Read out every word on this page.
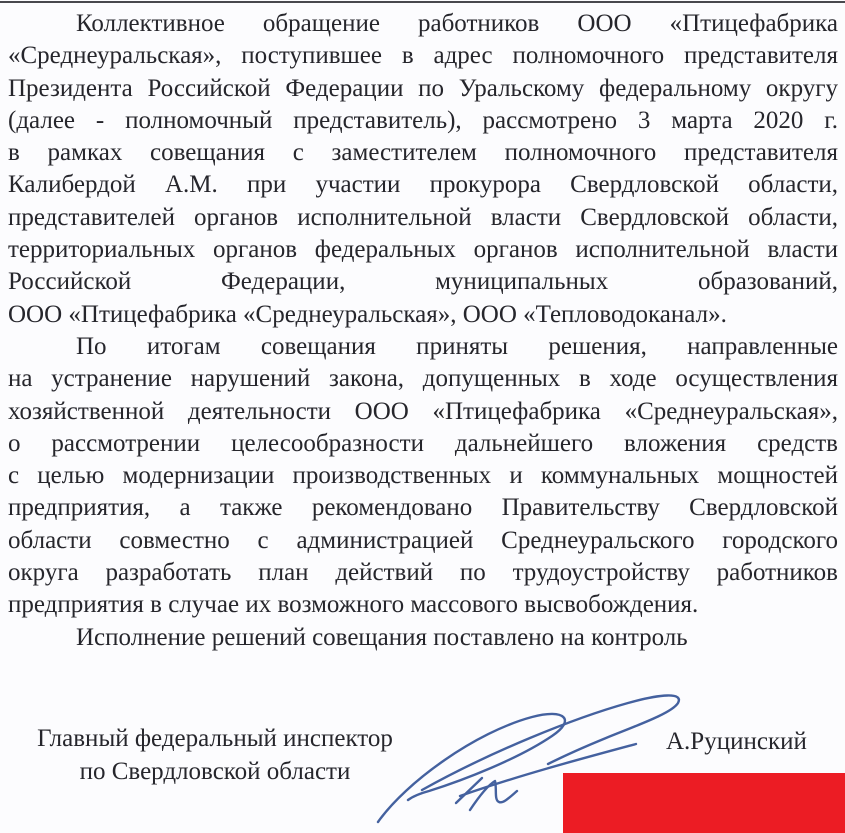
Коллективное обращение работников ООО «Птицефабрика
«Среднеуральская», поступившее в адрес полномочного представителя
Президента Российской Федерации по Уральскому федеральному округу
(далее - полномочный представитель), рассмотрено 3 марта 2020 г.
в рамках совещания с заместителем полномочного представителя
Калибердой А.М. при участии прокурора Свердловской области,
представителей органов исполнительной власти Свердловской области,
территориальных органов федеральных органов исполнительной власти
Российской Федерации, муниципальных образований,
ООО «Птицефабрика «Среднеуральская», ООО «Тепловодоканал».
По итогам совещания приняты решения, направленные
на устранение нарушений закона, допущенных в ходе осуществления
хозяйственной деятельности ООО «Птицефабрика «Среднеуральская»,
о рассмотрении целесообразности дальнейшего вложения средств
с целью модернизации производственных и коммунальных мощностей
предприятия, а также рекомендовано Правительству Свердловской
области совместно с администрацией Среднеуральского городского
округа разработать план действий по трудоустройству работников
предприятия в случае их возможного массового высвобождения.
Исполнение решений совещания поставлено на контроль
Главный федеральный инспектор
по Свердловской области
А.Руцинский
